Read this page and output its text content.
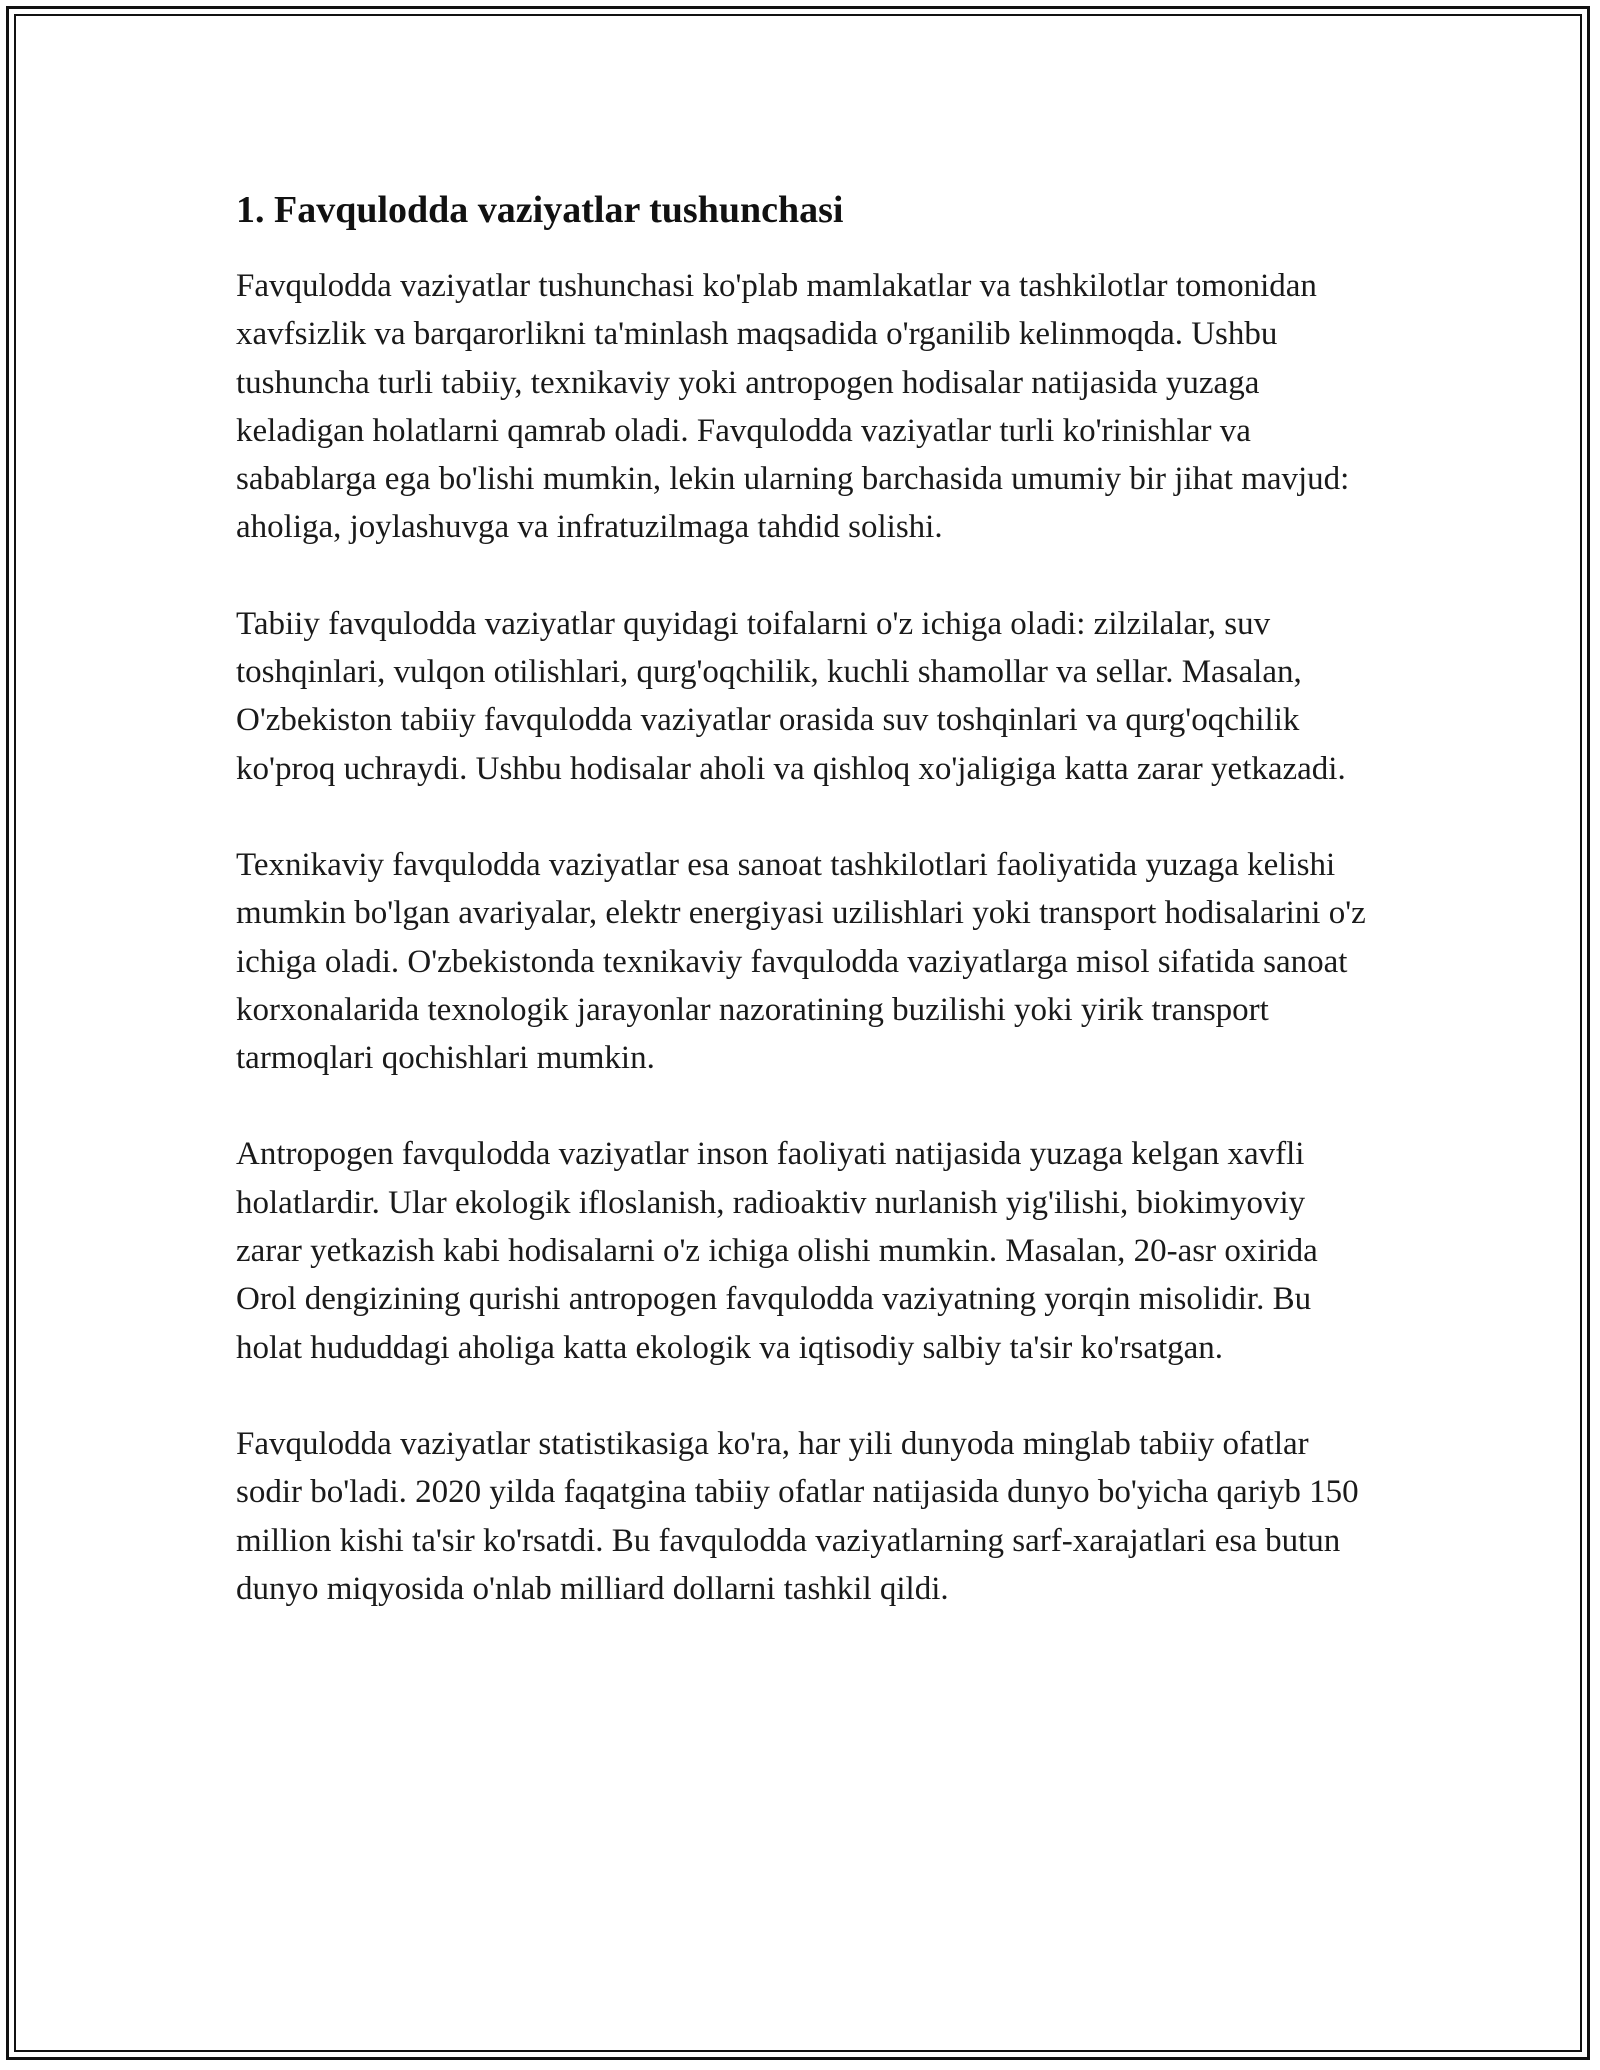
1. Favqulodda vaziyatlar tushunchasi

Favqulodda vaziyatlar tushunchasi ko'plab mamlakatlar va tashkilotlar tomonidan xavfsizlik va barqarorlikni ta'minlash maqsadida o'rganilib kelinmoqda. Ushbu tushuncha turli tabiiy, texnikaviy yoki antropogen hodisalar natijasida yuzaga keladigan holatlarni qamrab oladi. Favqulodda vaziyatlar turli ko'rinishlar va sabablarga ega bo'lishi mumkin, lekin ularning barchasida umumiy bir jihat mavjud: aholiga, joylashuvga va infratuzilmaga tahdid solishi.

Tabiiy favqulodda vaziyatlar quyidagi toifalarni o'z ichiga oladi: zilzilalar, suv toshqinlari, vulqon otilishlari, qurg'oqchilik, kuchli shamollar va sellar. Masalan, O'zbekiston tabiiy favqulodda vaziyatlar orasida suv toshqinlari va qurg'oqchilik ko'proq uchraydi. Ushbu hodisalar aholi va qishloq xo'jaligiga katta zarar yetkazadi.

Texnikaviy favqulodda vaziyatlar esa sanoat tashkilotlari faoliyatida yuzaga kelishi mumkin bo'lgan avariyalar, elektr energiyasi uzilishlari yoki transport hodisalarini o'z ichiga oladi. O'zbekistonda texnikaviy favqulodda vaziyatlarga misol sifatida sanoat korxonalarida texnologik jarayonlar nazoratining buzilishi yoki yirik transport tarmoqlari qochishlari mumkin.

Antropogen favqulodda vaziyatlar inson faoliyati natijasida yuzaga kelgan xavfli holatlardir. Ular ekologik ifloslanish, radioaktiv nurlanish yig'ilishi, biokimyoviy zarar yetkazish kabi hodisalarni o'z ichiga olishi mumkin. Masalan, 20-asr oxirida Orol dengizining qurishi antropogen favqulodda vaziyatning yorqin misolidir. Bu holat hududdagi aholiga katta ekologik va iqtisodiy salbiy ta'sir ko'rsatgan.

Favqulodda vaziyatlar statistikasiga ko'ra, har yili dunyoda minglab tabiiy ofatlar sodir bo'ladi. 2020 yilda faqatgina tabiiy ofatlar natijasida dunyo bo'yicha qariyb 150 million kishi ta'sir ko'rsatdi. Bu favqulodda vaziyatlarning sarf-xarajatlari esa butun dunyo miqyosida o'nlab milliard dollarni tashkil qildi.
